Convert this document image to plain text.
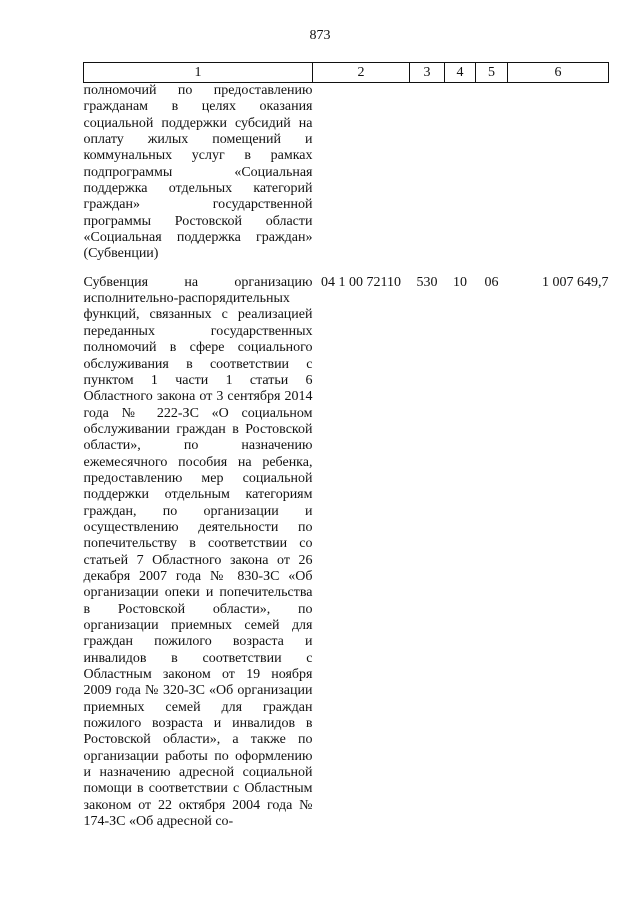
873
1	2	3	4	5	6
полномочий по предоставлению гражданам в целях оказания социальной поддержки субсидий на оплату жилых помещений и коммунальных услуг в рамках подпрограммы «Социальная поддержка отдельных категорий граждан» государственной программы Ростовской области «Социальная поддержка граждан» (Субвенции)					
Субвенция на организацию исполнительно-распорядительных функций, связанных с реализацией переданных государственных полномочий в сфере социального обслуживания в соответствии с пунктом 1 части 1 статьи 6 Областного закона от 3 сентября 2014 года № 222-ЗС «О социальном обслуживании граждан в Ростовской области», по назначению ежемесячного пособия на ребенка, предоставлению мер социальной поддержки отдельным категориям граждан, по организации и осуществлению деятельности по попечительству в соответствии со статьей 7 Областного закона от 26 декабря 2007 года № 830-ЗС «Об организации опеки и попечительства в Ростовской области», по организации приемных семей для граждан пожилого возраста и инвалидов в соответствии с Областным законом от 19 ноября 2009 года № 320-ЗС «Об организации приемных семей для граждан пожилого возраста и инвалидов в Ростовской области», а также по организации работы по оформлению и назначению адресной социальной помощи в соответствии с Областным законом от 22 октября 2004 года № 174-ЗС «Об адресной со-	04 1 00 72110	530	10	06	1 007 649,7
